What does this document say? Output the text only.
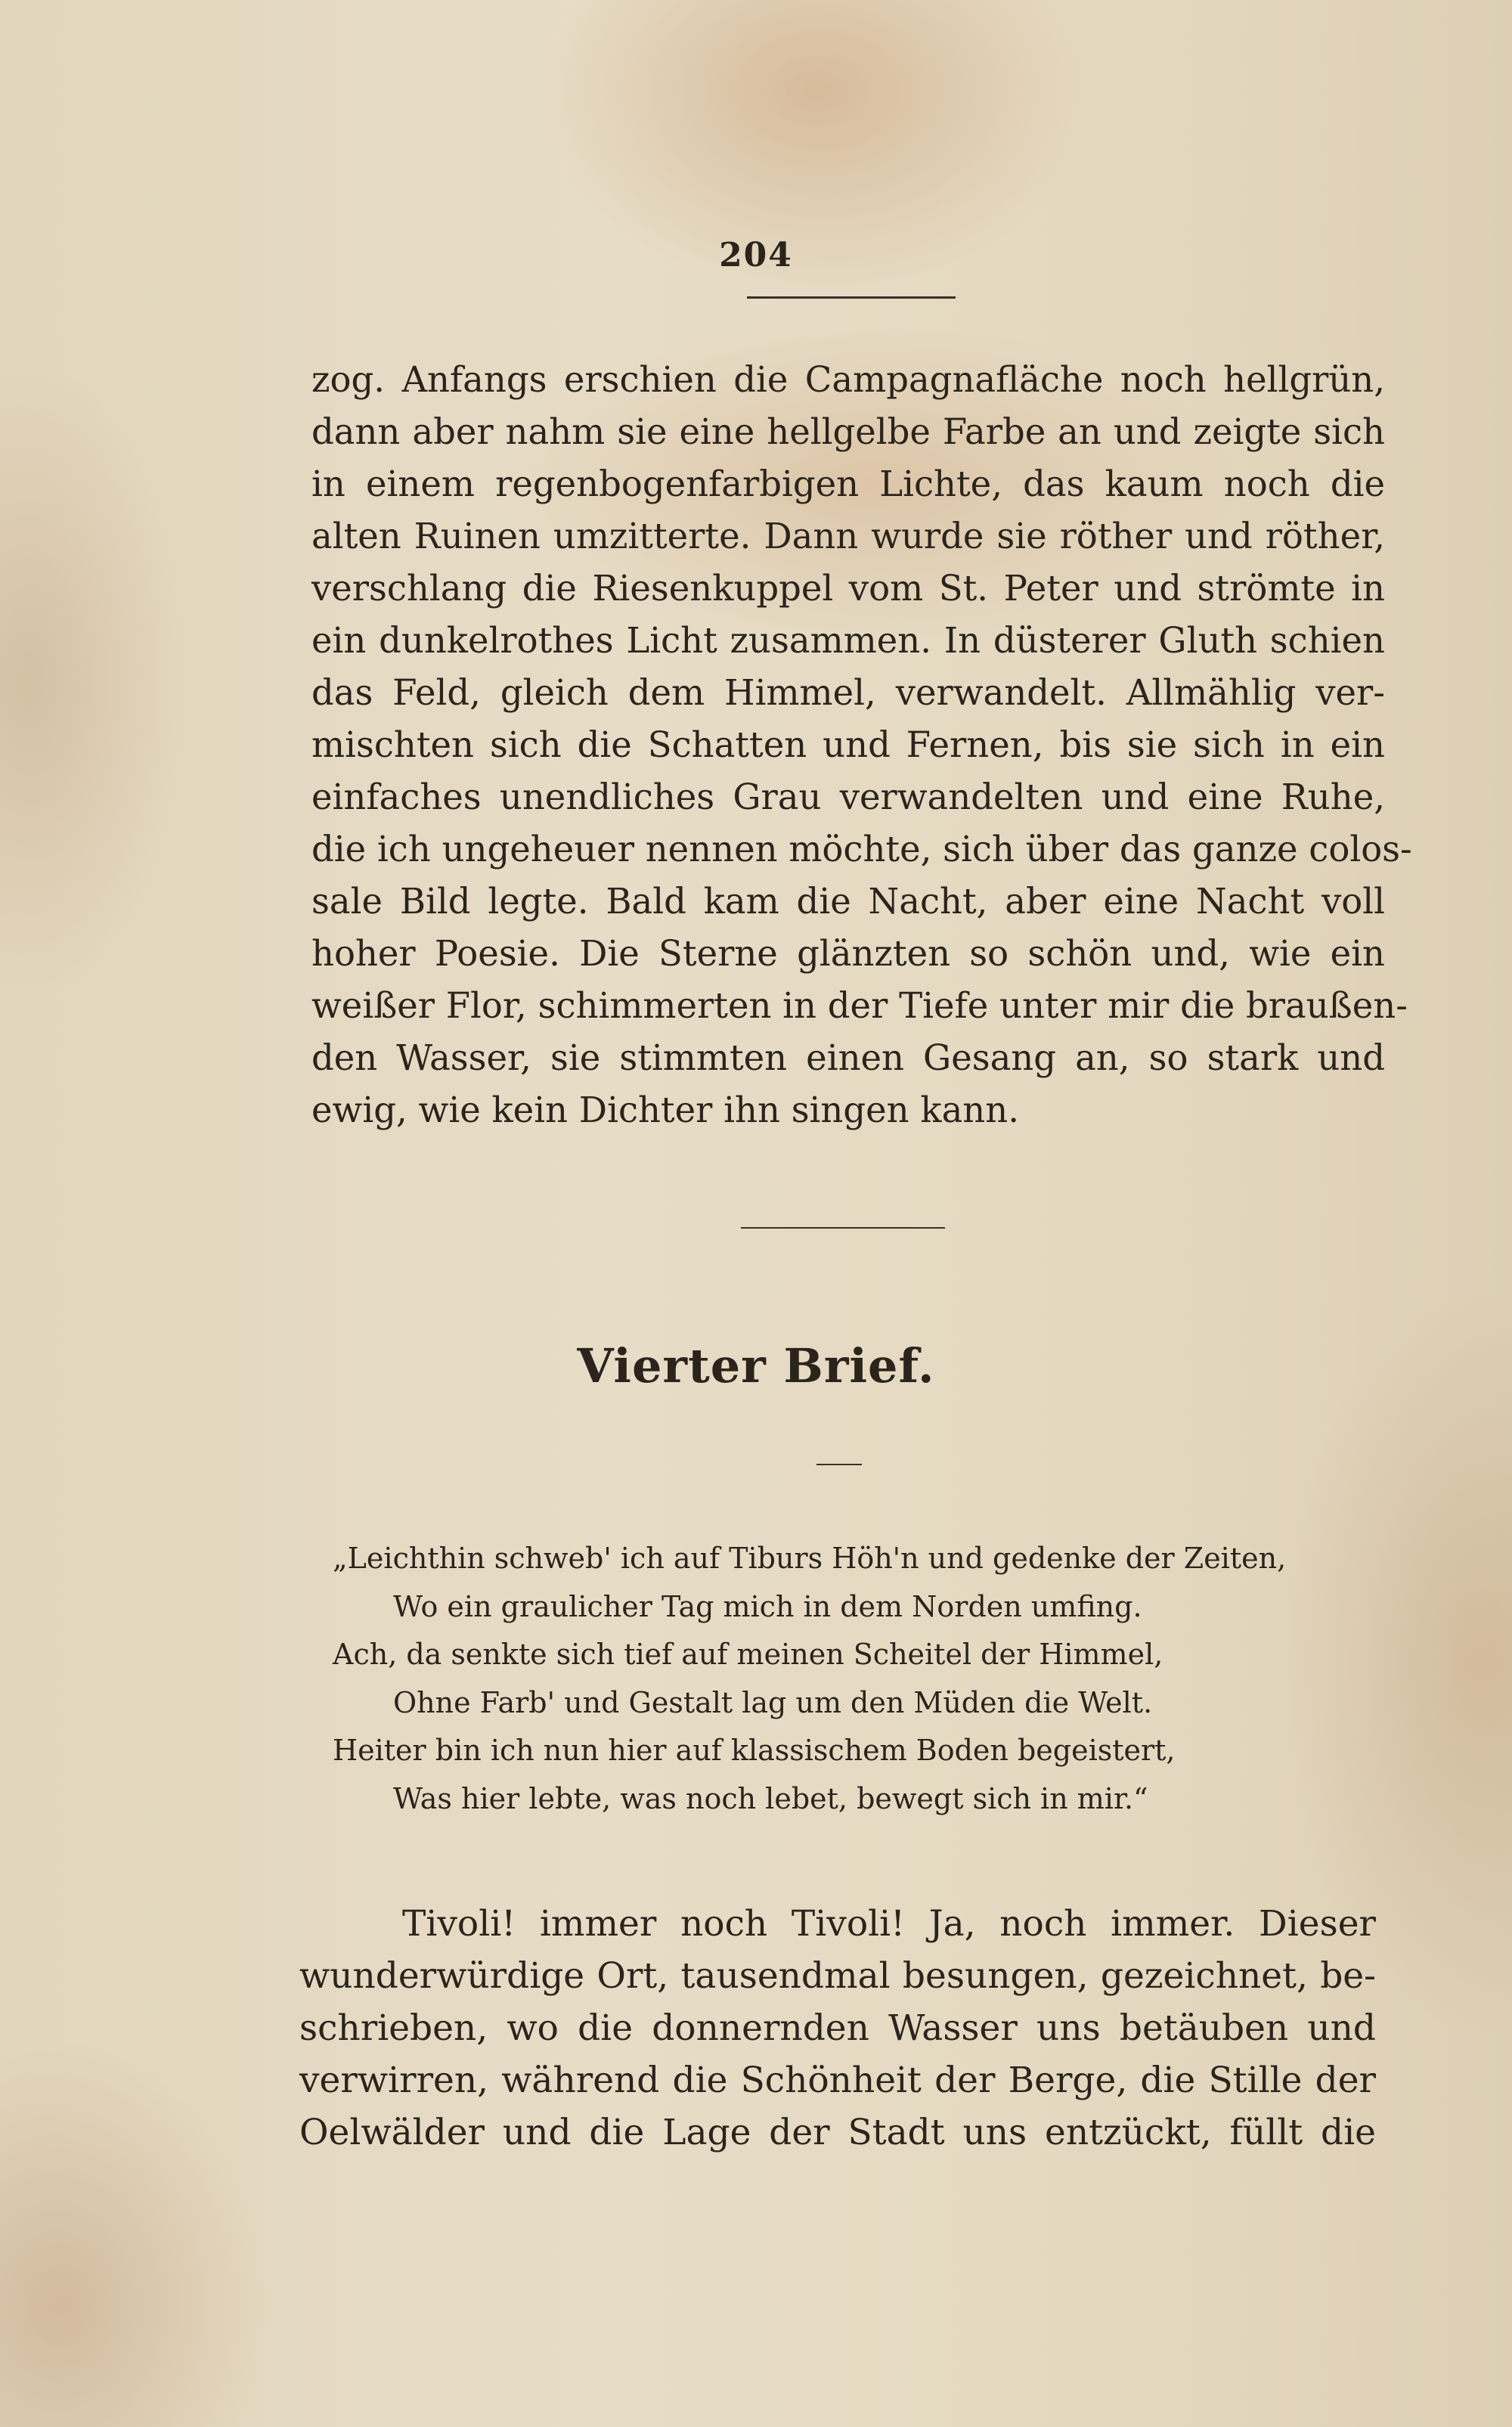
204
zog. Anfangs erschien die Campagnafläche noch hellgrün,
dann aber nahm sie eine hellgelbe Farbe an und zeigte sich
in einem regenbogenfarbigen Lichte, das kaum noch die
alten Ruinen umzitterte. Dann wurde sie röther und röther,
verschlang die Riesenkuppel vom St. Peter und strömte in
ein dunkelrothes Licht zusammen. In düsterer Gluth schien
das Feld, gleich dem Himmel, verwandelt. Allmählig ver-
mischten sich die Schatten und Fernen, bis sie sich in ein
einfaches unendliches Grau verwandelten und eine Ruhe,
die ich ungeheuer nennen möchte, sich über das ganze colos-
sale Bild legte. Bald kam die Nacht, aber eine Nacht voll
hoher Poesie. Die Sterne glänzten so schön und, wie ein
weißer Flor, schimmerten in der Tiefe unter mir die braußen-
den Wasser, sie stimmten einen Gesang an, so stark und
ewig, wie kein Dichter ihn singen kann.
Vierter Brief.
„Leichthin schweb' ich auf Tiburs Höh'n und gedenke der Zeiten,
Wo ein graulicher Tag mich in dem Norden umfing.
Ach, da senkte sich tief auf meinen Scheitel der Himmel,
Ohne Farb' und Gestalt lag um den Müden die Welt.
Heiter bin ich nun hier auf klassischem Boden begeistert,
Was hier lebte, was noch lebet, bewegt sich in mir.“
Tivoli! immer noch Tivoli! Ja, noch immer. Dieser
wunderwürdige Ort, tausendmal besungen, gezeichnet, be-
schrieben, wo die donnernden Wasser uns betäuben und
verwirren, während die Schönheit der Berge, die Stille der
Oelwälder und die Lage der Stadt uns entzückt, füllt die
